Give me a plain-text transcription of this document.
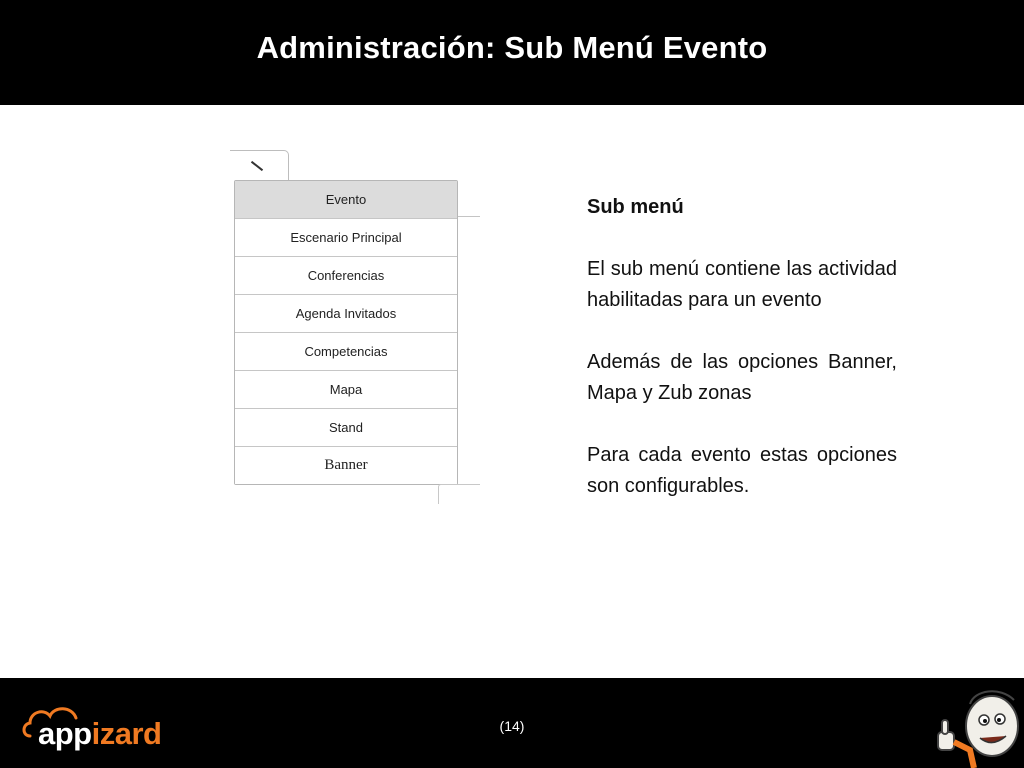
Administración: Sub Menú Evento
Evento
Escenario Principal
Conferencias
Agenda Invitados
Competencias
Mapa
Stand
Banner

Sub menú

El sub menú contiene las actividad habilitadas para un evento

Además de las opciones Banner, Mapa y Zub zonas

Para cada evento estas opciones son configurables.

appizard	(14)
